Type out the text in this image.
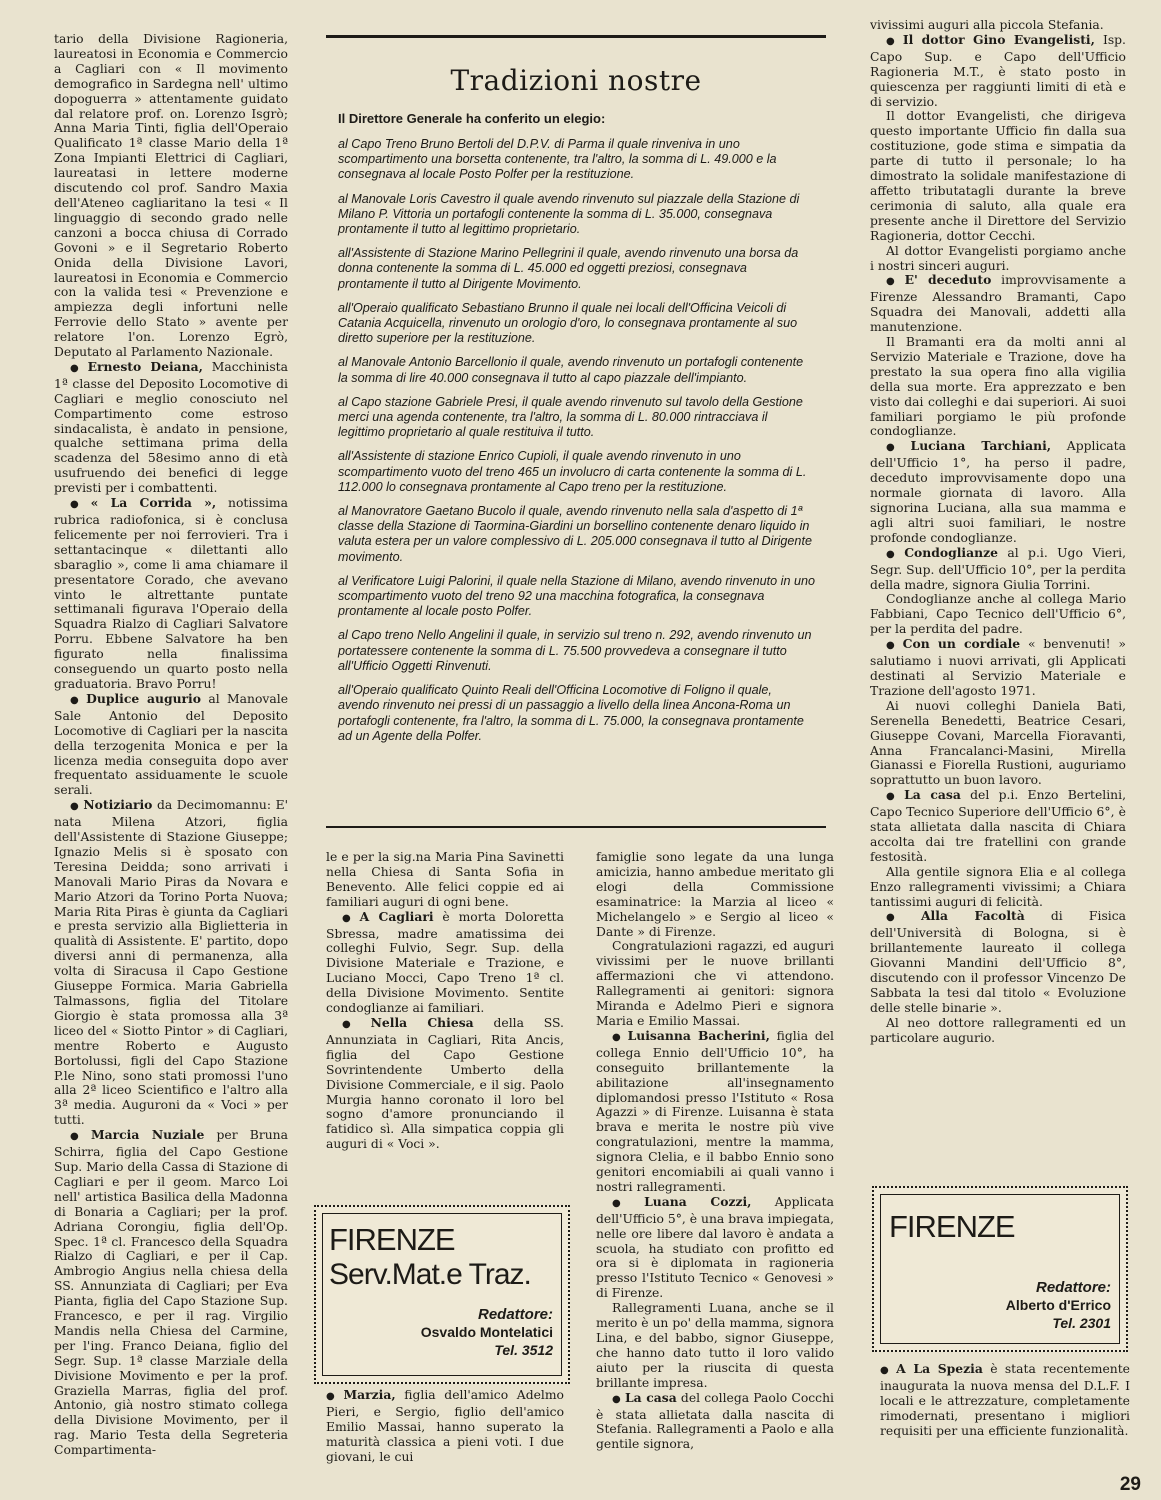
tario della Divisione Ragioneria, laureatosi in Economia e Commercio a Cagliari con « Il movimento demografico in Sardegna nell' ultimo dopoguerra » attentamente guidato dal relatore prof. on. Lorenzo Isgrò; Anna Maria Tinti, figlia dell'Operaio Qualificato 1ª classe Mario della 1ª Zona Impianti Elettrici di Cagliari, laureatasi in lettere moderne discutendo col prof. Sandro Maxia dell'Ateneo cagliaritano la tesi « Il linguaggio di secondo grado nelle canzoni a bocca chiusa di Corrado Govoni » e il Segretario Roberto Onida della Divisione Lavori, laureatosi in Economia e Commercio con la valida tesi « Prevenzione e ampiezza degli infortuni nelle Ferrovie dello Stato » avente per relatore l'on. Lorenzo Egrò, Deputato al Parlamento Nazionale.

● Ernesto Deiana, Macchinista 1ª classe del Deposito Locomotive di Cagliari e meglio conosciuto nel Compartimento come estroso sindacalista, è andato in pensione, qualche settimana prima della scadenza del 58esimo anno di età usufruendo dei benefici di legge previsti per i combattenti.

● « La Corrida », notissima rubrica radiofonica, si è conclusa felicemente per noi ferrovieri. Tra i settantacinque « dilettanti allo sbaraglio », come li ama chiamare il presentatore Corado, che avevano vinto le altrettante puntate settimanali figurava l'Operaio della Squadra Rialzo di Cagliari Salvatore Porru. Ebbene Salvatore ha ben figurato nella finalissima conseguendo un quarto posto nella graduatoria. Bravo Porru!

● Duplice augurio al Manovale Sale Antonio del Deposito Locomotive di Cagliari per la nascita della terzogenita Monica e per la licenza media conseguita dopo aver frequentato assiduamente le scuole serali.

● Notiziario da Decimomannu: E' nata Milena Atzori, figlia dell'Assistente di Stazione Giuseppe; Ignazio Melis si è sposato con Teresina Deidda; sono arrivati i Manovali Mario Piras da Novara e Mario Atzori da Torino Porta Nuova; Maria Rita Piras è giunta da Cagliari e presta servizio alla Biglietteria in qualità di Assistente. E' partito, dopo diversi anni di permanenza, alla volta di Siracusa il Capo Gestione Giuseppe Formica. Maria Gabriella Talmassons, figlia del Titolare Giorgio è stata promossa alla 3ª liceo del « Siotto Pintor » di Cagliari, mentre Roberto e Augusto Bortolussi, figli del Capo Stazione P.le Nino, sono stati promossi l'uno alla 2ª liceo Scientifico e l'altro alla 3ª media. Auguroni da « Voci » per tutti.

● Marcia Nuziale per Bruna Schirra, figlia del Capo Gestione Sup. Mario della Cassa di Stazione di Cagliari e per il geom. Marco Loi nell' artistica Basilica della Madonna di Bonaria a Cagliari; per la prof. Adriana Corongiu, figlia dell'Op. Spec. 1ª cl. Francesco della Squadra Rialzo di Cagliari, e per il Cap. Ambrogio Angius nella chiesa della SS. Annunziata di Cagliari; per Eva Pianta, figlia del Capo Stazione Sup. Francesco, e per il rag. Virgilio Mandis nella Chiesa del Carmine, per l'ing. Franco Deiana, figlio del Segr. Sup. 1ª classe Marziale della Divisione Movimento e per la prof. Graziella Marras, figlia del prof. Antonio, già nostro stimato collega della Divisione Movimento, per il rag. Mario Testa della Segreteria Compartimenta-

Tradizioni nostre
Il Direttore Generale ha conferito un elegio:

al Capo Treno Bruno Bertoli del D.P.V. di Parma il quale rinveniva in uno scompartimento una borsetta contenente, tra l'altro, la somma di L. 49.000 e la consegnava al locale Posto Polfer per la restituzione.

al Manovale Loris Cavestro il quale avendo rinvenuto sul piazzale della Stazione di Milano P. Vittoria un portafogli contenente la somma di L. 35.000, consegnava prontamente il tutto al legittimo proprietario.

all'Assistente di Stazione Marino Pellegrini il quale, avendo rinvenuto una borsa da donna contenente la somma di L. 45.000 ed oggetti preziosi, consegnava prontamente il tutto al Dirigente Movimento.

all'Operaio qualificato Sebastiano Brunno il quale nei locali dell'Officina Veicoli di Catania Acquicella, rinvenuto un orologio d'oro, lo consegnava prontamente al suo diretto superiore per la restituzione.

al Manovale Antonio Barcellonio il quale, avendo rinvenuto un portafogli contenente la somma di lire 40.000 consegnava il tutto al capo piazzale dell'impianto.

al Capo stazione Gabriele Presi, il quale avendo rinvenuto sul tavolo della Gestione merci una agenda contenente, tra l'altro, la somma di L. 80.000 rintracciava il legittimo proprietario al quale restituiva il tutto.

all'Assistente di stazione Enrico Cupioli, il quale avendo rinvenuto in uno scompartimento vuoto del treno 465 un involucro di carta contenente la somma di L. 112.000 lo consegnava prontamente al Capo treno per la restituzione.

al Manovratore Gaetano Bucolo il quale, avendo rinvenuto nella sala d'aspetto di 1ª classe della Stazione di Taormina-Giardini un borsellino contenente denaro liquido in valuta estera per un valore complessivo di L. 205.000 consegnava il tutto al Dirigente movimento.

al Verificatore Luigi Palorini, il quale nella Stazione di Milano, avendo rinvenuto in uno scompartimento vuoto del treno 92 una macchina fotografica, la consegnava prontamente al locale posto Polfer.

al Capo treno Nello Angelini il quale, in servizio sul treno n. 292, avendo rinvenuto un portatessere contenente la somma di L. 75.500 provvedeva a consegnare il tutto all'Ufficio Oggetti Rinvenuti.

all'Operaio qualificato Quinto Reali dell'Officina Locomotive di Foligno il quale, avendo rinvenuto nei pressi di un passaggio a livello della linea Ancona-Roma un portafogli contenente, fra l'altro, la somma di L. 75.000, la consegnava prontamente ad un Agente della Polfer.

le e per la sig.na Maria Pina Savinetti nella Chiesa di Santa Sofia in Benevento. Alle felici coppie ed ai familiari auguri di ogni bene.

● A Cagliari è morta Doloretta Sbressa, madre amatissima dei colleghi Fulvio, Segr. Sup. della Divisione Materiale e Trazione, e Luciano Mocci, Capo Treno 1ª cl. della Divisione Movimento. Sentite condoglianze ai familiari.

● Nella Chiesa della SS. Annunziata in Cagliari, Rita Ancis, figlia del Capo Gestione Sovrintendente Umberto della Divisione Commerciale, e il sig. Paolo Murgia hanno coronato il loro bel sogno d'amore pronunciando il fatidico sì. Alla simpatica coppia gli auguri di « Voci ».

FIRENZE
Serv.Mat.e Traz.
Redattore:
Osvaldo Montelatici
Tel. 3512

● Marzia, figlia dell'amico Adelmo Pieri, e Sergio, figlio dell'amico Emilio Massai, hanno superato la maturità classica a pieni voti. I due giovani, le cui

famiglie sono legate da una lunga amicizia, hanno ambedue meritato gli elogi della Commissione esaminatrice: la Marzia al liceo « Michelangelo » e Sergio al liceo « Dante » di Firenze.

Congratulazioni ragazzi, ed auguri vivissimi per le nuove brillanti affermazioni che vi attendono. Rallegramenti ai genitori: signora Miranda e Adelmo Pieri e signora Maria e Emilio Massai.

● Luisanna Bacherini, figlia del collega Ennio dell'Ufficio 10°, ha conseguito brillantemente la abilitazione all'insegnamento diplomandosi presso l'Istituto « Rosa Agazzi » di Firenze. Luisanna è stata brava e merita le nostre più vive congratulazioni, mentre la mamma, signora Clelia, e il babbo Ennio sono genitori encomiabili ai quali vanno i nostri rallegramenti.

● Luana Cozzi, Applicata dell'Ufficio 5°, è una brava impiegata, nelle ore libere dal lavoro è andata a scuola, ha studiato con profitto ed ora si è diplomata in ragioneria presso l'Istituto Tecnico « Genovesi » di Firenze.

Rallegramenti Luana, anche se il merito è un po' della mamma, signora Lina, e del babbo, signor Giuseppe, che hanno dato tutto il loro valido aiuto per la riuscita di questa brillante impresa.

● La casa del collega Paolo Cocchi è stata allietata dalla nascita di Stefania. Rallegramenti a Paolo e alla gentile signora,

vivissimi auguri alla piccola Stefania.

● Il dottor Gino Evangelisti, Isp. Capo Sup. e Capo dell'Ufficio Ragioneria M.T., è stato posto in quiescenza per raggiunti limiti di età e di servizio.

Il dottor Evangelisti, che dirigeva questo importante Ufficio fin dalla sua costituzione, gode stima e simpatia da parte di tutto il personale; lo ha dimostrato la solidale manifestazione di affetto tributatagli durante la breve cerimonia di saluto, alla quale era presente anche il Direttore del Servizio Ragioneria, dottor Cecchi.

Al dottor Evangelisti porgiamo anche i nostri sinceri auguri.

● E' deceduto improvvisamente a Firenze Alessandro Bramanti, Capo Squadra dei Manovali, addetti alla manutenzione.

Il Bramanti era da molti anni al Servizio Materiale e Trazione, dove ha prestato la sua opera fino alla vigilia della sua morte. Era apprezzato e ben visto dai colleghi e dai superiori. Ai suoi familiari porgiamo le più profonde condoglianze.

● Luciana Tarchiani, Applicata dell'Ufficio 1°, ha perso il padre, deceduto improvvisamente dopo una normale giornata di lavoro. Alla signorina Luciana, alla sua mamma e agli altri suoi familiari, le nostre profonde condoglianze.

● Condoglianze al p.i. Ugo Vieri, Segr. Sup. dell'Ufficio 10°, per la perdita della madre, signora Giulia Torrini.

Condoglianze anche al collega Mario Fabbiani, Capo Tecnico dell'Ufficio 6°, per la perdita del padre.

● Con un cordiale « benvenuti! » salutiamo i nuovi arrivati, gli Applicati destinati al Servizio Materiale e Trazione dell'agosto 1971.

Ai nuovi colleghi Daniela Bati, Serenella Benedetti, Beatrice Cesari, Giuseppe Covani, Marcella Fioravanti, Anna Francalanci-Masini, Mirella Gianassi e Fiorella Rustioni, auguriamo soprattutto un buon lavoro.

● La casa del p.i. Enzo Bertelini, Capo Tecnico Superiore dell'Ufficio 6°, è stata allietata dalla nascita di Chiara accolta dai tre fratellini con grande festosità.

Alla gentile signora Elia e al collega Enzo rallegramenti vivissimi; a Chiara tantissimi auguri di felicità.

● Alla Facoltà di Fisica dell'Università di Bologna, si è brillantemente laureato il collega Giovanni Mandini dell'Ufficio 8°, discutendo con il professor Vincenzo De Sabbata la tesi dal titolo « Evoluzione delle stelle binarie ».

Al neo dottore rallegramenti ed un particolare augurio.

FIRENZE
Redattore:
Alberto d'Errico
Tel. 2301

● A La Spezia è stata recentemente inaugurata la nuova mensa del D.L.F. I locali e le attrezzature, completamente rimodernati, presentano i migliori requisiti per una efficiente funzionalità.

29
